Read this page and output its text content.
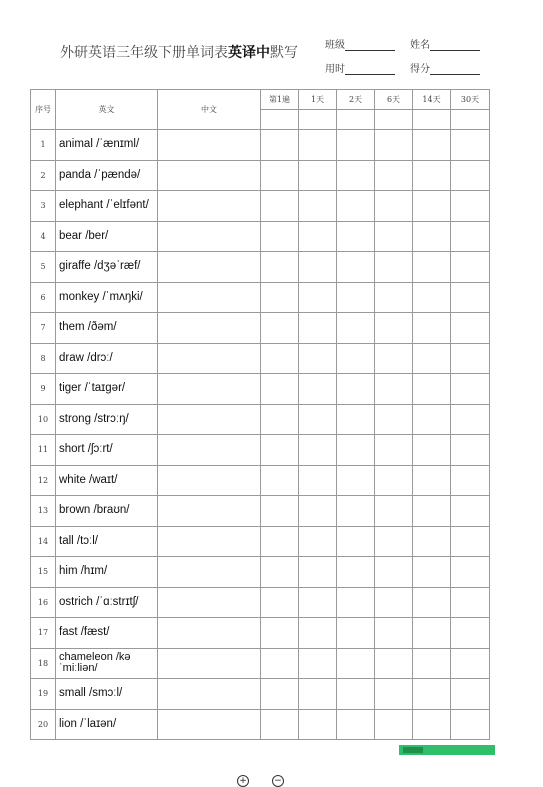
外研英语三年级下册单词表英译中默写	班级	姓名
用时	得分
序号	英文	中文	第1遍	1天	2天	6天	14天	30天

1	animal /ˈænɪml/							
2	panda /ˈpændə/							
3	elephant /ˈelɪfənt/							
4	bear /ber/							
5	giraffe /dʒəˈræf/							
6	monkey /ˈmʌŋki/							
7	them /ðəm/							
8	draw /drɔː/							
9	tiger /ˈtaɪgər/							
10	strong /strɔːŋ/							
11	short /ʃɔːrt/							
12	white /waɪt/							
13	brown /braʊn/							
14	tall /tɔːl/							
15	him /hɪm/							
16	ostrich /ˈɑːstrɪtʃ/							
17	fast /fæst/							
18	chameleon /kəˈmiːliən/							
19	small /smɔːl/							
20	lion /ˈlaɪən/							
+	−
